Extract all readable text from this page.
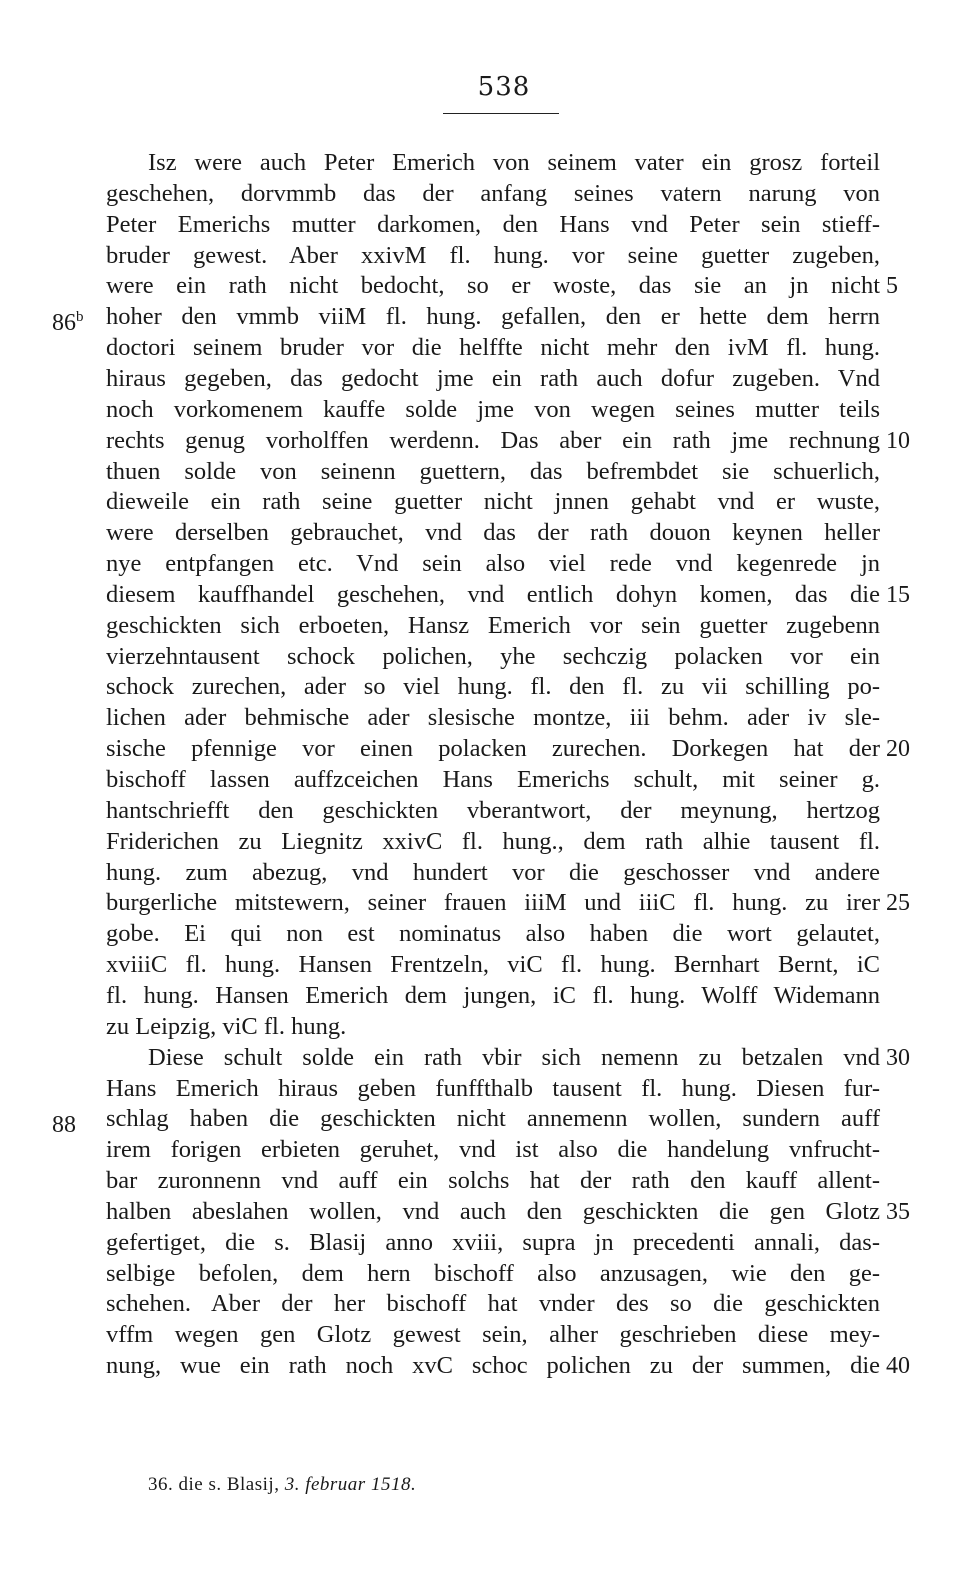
538
Isz were auch Peter Emerich von seinem vater ein grosz forteil
geschehen, dorvmmb das der anfang seines vatern narung von
Peter Emerichs mutter darkomen, den Hans vnd Peter sein stieff-
bruder gewest. Aber xxivM fl. hung. vor seine guetter zugeben,
were ein rath nicht bedocht, so er woste, das sie an jn nicht
hoher den vmmb viiM fl. hung. gefallen, den er hette dem herrn
doctori seinem bruder vor die helffte nicht mehr den ivM fl. hung.
hiraus gegeben, das gedocht jme ein rath auch dofur zugeben. Vnd
noch vorkomenem kauffe solde jme von wegen seines mutter teils
rechts genug vorholffen werdenn. Das aber ein rath jme rechnung
thuen solde von seinenn guettern, das befrembdet sie schuerlich,
dieweile ein rath seine guetter nicht jnnen gehabt vnd er wuste,
were derselben gebrauchet, vnd das der rath douon keynen heller
nye entpfangen etc. Vnd sein also viel rede vnd kegenrede jn
diesem kauffhandel geschehen, vnd entlich dohyn komen, das die
geschickten sich erboeten, Hansz Emerich vor sein guetter zugebenn
vierzehntausent schock polichen, yhe sechczig polacken vor ein
schock zurechen, ader so viel hung. fl. den fl. zu vii schilling po-
lichen ader behmische ader slesische montze, iii behm. ader iv sle-
sische pfennige vor einen polacken zurechen. Dorkegen hat der
bischoff lassen auffzceichen Hans Emerichs schult, mit seiner g.
hantschriefft den geschickten vberantwort, der meynung, hertzog
Friderichen zu Liegnitz xxivC fl. hung., dem rath alhie tausent fl.
hung. zum abezug, vnd hundert vor die geschosser vnd andere
burgerliche mitstewern, seiner frauen iiiM und iiiC fl. hung. zu irer
gobe. Ei qui non est nominatus also haben die wort gelautet,
xviiiC fl. hung. Hansen Frentzeln, viC fl. hung. Bernhart Bernt, iC
fl. hung. Hansen Emerich dem jungen, iC fl. hung. Wolff Widemann
zu Leipzig, viC fl. hung.
Diese schult solde ein rath vbir sich nemenn zu betzalen vnd
Hans Emerich hiraus geben funffthalb tausent fl. hung. Diesen fur-
schlag haben die geschickten nicht annemenn wollen, sundern auff
irem forigen erbieten geruhet, vnd ist also die handelung vnfrucht-
bar zuronnenn vnd auff ein solchs hat der rath den kauff allent-
halben abeslahen wollen, vnd auch den geschickten die gen Glotz
gefertiget, die s. Blasij anno xviii, supra jn precedenti annali, das-
selbige befolen, dem hern bischoff also anzusagen, wie den ge-
schehen. Aber der her bischoff hat vnder des so die geschickten
vffm wegen gen Glotz gewest sein, alher geschrieben diese mey-
nung, wue ein rath noch xvC schoc polichen zu der summen, die
5
10
15
20
25
30
35
40
86$^b$
88
36. die s. Blasij, 3. februar 1518.
